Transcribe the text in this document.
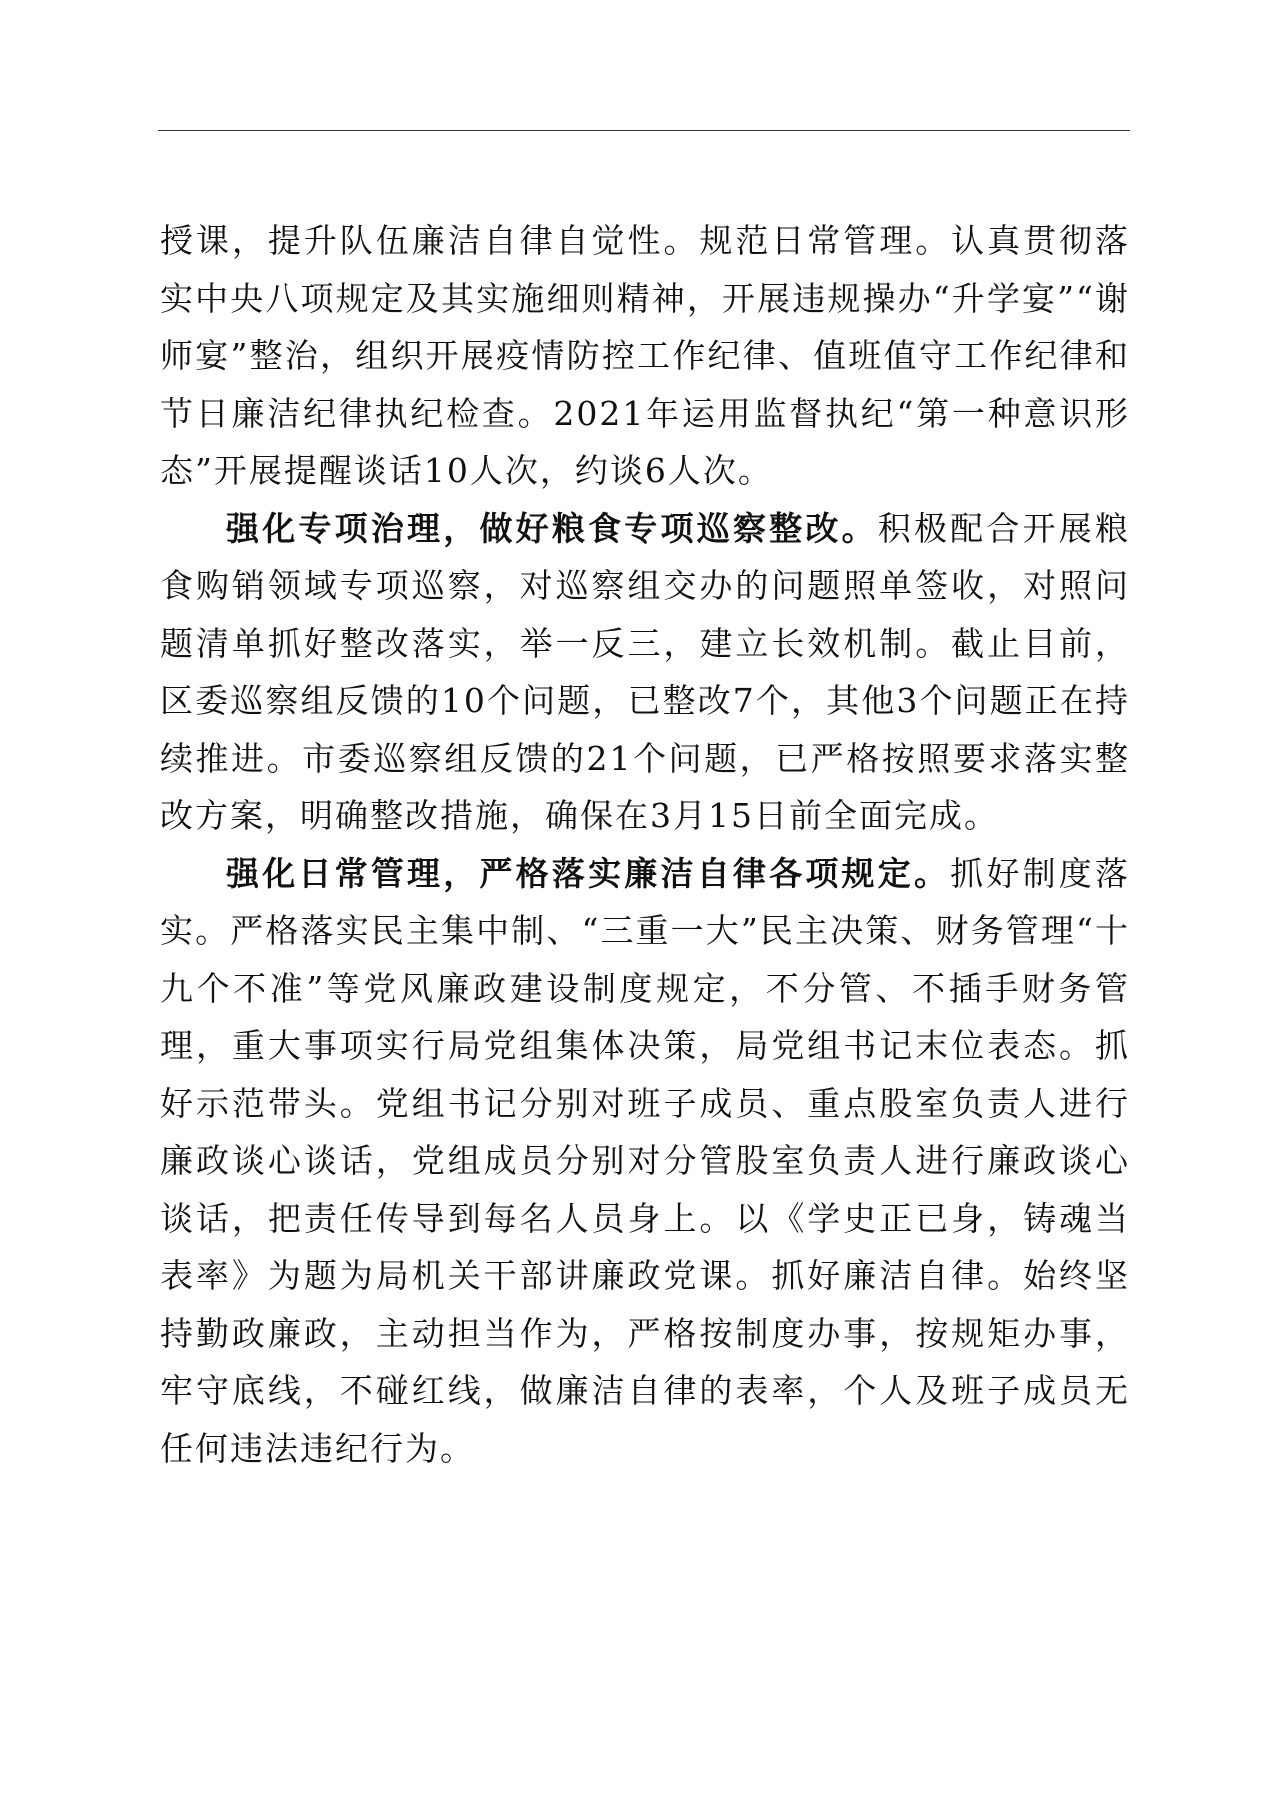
授课，提升队伍廉洁自律自觉性。规范日常管理。认真贯彻落实中央八项规定及其实施细则精神，开展违规操办“升学宴”“谢师宴”整治，组织开展疫情防控工作纪律、值班值守工作纪律和节日廉洁纪律执纪检查。2021年运用监督执纪“第一种意识形态”开展提醒谈话10人次，约谈6人次。

强化专项治理，做好粮食专项巡察整改。积极配合开展粮食购销领域专项巡察，对巡察组交办的问题照单签收，对照问题清单抓好整改落实，举一反三，建立长效机制。截止目前，区委巡察组反馈的10个问题，已整改7个，其他3个问题正在持续推进。市委巡察组反馈的21个问题，已严格按照要求落实整改方案，明确整改措施，确保在3月15日前全面完成。

强化日常管理，严格落实廉洁自律各项规定。抓好制度落实。严格落实民主集中制、“三重一大”民主决策、财务管理“十九个不准”等党风廉政建设制度规定，不分管、不插手财务管理，重大事项实行局党组集体决策，局党组书记末位表态。抓好示范带头。党组书记分别对班子成员、重点股室负责人进行廉政谈心谈话，党组成员分别对分管股室负责人进行廉政谈心谈话，把责任传导到每名人员身上。以《学史正已身，铸魂当表率》为题为局机关干部讲廉政党课。抓好廉洁自律。始终坚持勤政廉政，主动担当作为，严格按制度办事，按规矩办事，牢守底线，不碰红线，做廉洁自律的表率，个人及班子成员无任何违法违纪行为。
